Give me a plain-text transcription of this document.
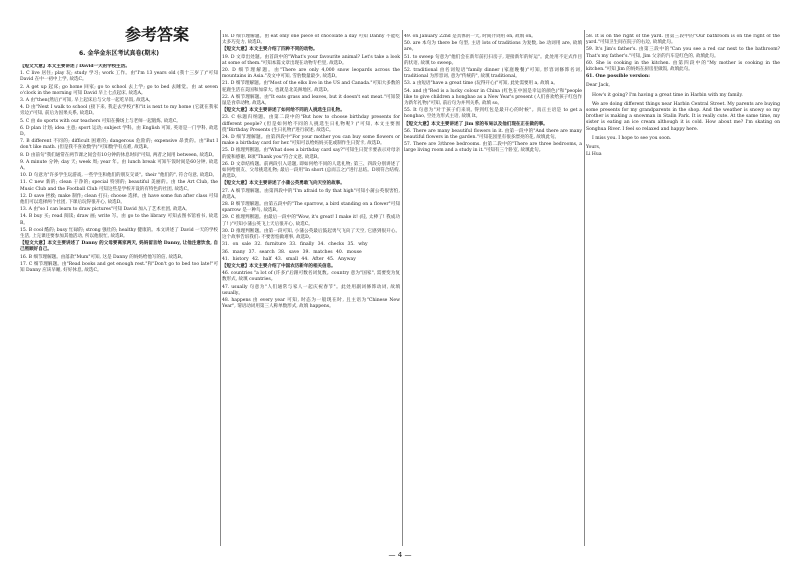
参考答案
6. 金华金东区考试真卷(期末)
【短文大意】本文主要讲述了David一天的学校生活。
1. C live 居住; play 玩; study 学习; work 工作。由"I'm 13 years old (我十三岁了)"可知David 在中一初中上学, 故选C。
2. A get up 起床; go home 回家; go to school 去上学; go to bed 去睡觉。由 at seven o'clock in the morning 可知 David 早上七点起床, 故选A。
3. A 由"then(然后)"可知, 早上起床后与父母一起吃早饭, 故选A。
4. D 由"Next I walk to school (接下来, 我走去学校)"和"it is next to my home (它就在我家旁边)"可知, 前后为因果关系, 故选D。
5. C 由 do sports with our teachers 可知在操场上与老师一起锻炼, 故选C。
6. D plan 计划; idea 主意; sport 运动; subject 学科。由 English 可知, 英语是一门学科, 故选D。
7. B different 不同的; difficult 困难的; dangerous 危险的; expensive 昂贵的。由"But I don't like math. (但是我不喜欢数学)"可知数学有点难, 故选B。
8. D 由前句"我们通常在两节课之间会有10分钟的休息时间"可知, 两者之间用 between, 故选D。
9. A minute 分钟; day 天; week 周; year 年。由 lunch break 可知午饭时间是60分钟, 故选A。
10. D 句意为"许多学生玩游戏, 一些学生和他们的朋友交谈"。their "他们的", 符合句意, 故选D。
11. C new 新的; clean 干净的; special 特别的; beautiful 美丽的。由 the Art Club, the Music Club and the Football Club 可知这些是学校开设的有特色的社团, 故选C。
12. D save 拯救; make 制作; clean 打扫; choose 选择。由 have some fun after class 可知他们可以选择两个社团, 下课后玩得很开心, 故选D。
13. A 由"so I can learn to draw pictures"可知 David 加入了艺术社团, 故选A。
14. B buy 买; read 阅读; draw 画; write 写。由 go to the library 可知去图书馆看书, 故选B。
15. B cool 酷的; busy 忙碌的; strong 强壮的; healthy 健康的。本文讲述了 David 一天的学校生活, 上完课还要参加其他活动, 所以他很忙, 故选B。
【短文大意】本文主要讲述了 Danny 的父母要离家两天, 妈妈留言给 Danny, 让他注意饮食, 自己照顾好自己。
16. B 细节理解题。由落款"Mum"可知, 这是 Danny 的妈妈给他写的信, 故选B。
17. C 细节理解题。由"Read books and get enough rest."和"Don't go to bed too late!"可知 Danny 应该早睡, 好好休息, 故选C。
18. D 细节理解题。由 eat only one piece of chocolate a day 可知 Danny 不能吃太多巧克力, 故选D。
【短文大意】本文主要介绍了四种不同的动物。
19. D 文章出处题。由首段中的"What's your favourite animal? Let's take a look at some of them."可知本篇文章出现在动物专栏里, 故选D。
20. D 细节理解题。由"There are only 4,000 snow leopards across the mountains in Asia."及文中可知, 雪豹数量最少, 故选D。
21. D 细节理解题。由"Most of the elks live in the US and Canada."可知大多数的驼鹿生活在美国和加拿大, 也就是北美洲地区, 故选D。
22. A 细节理解题。由"It eats grass and leaves, but it doesn't eat meat."可知袋鼠是食草动物, 故选A。
【短文大意】本文主要讲述了如何给不同的人挑选生日礼物。
23. C 标题归纳题。由第二段中的"But how to choose birthday presents for different people? (但是如何给不同的人挑选生日礼物呢? )"可知, 本文主要围绕"Birthday Presents (生日礼物)"进行叙述, 故选C。
24. D 细节理解题。由第四段中"For your mother you can buy some flowers or make a birthday card for her."可知可以给妈妈买花或制作生日贺卡, 故选D。
25. D 推理判断题。由"What does a birthday card say?"可知生日贺卡要表示对母亲的爱和感谢, B项"Thank you"符合文意, 故选B。
26. D 文章结构题。前两段引入话题, 即如何给不同的人选礼物; 第三、四段分别讲述了如何给朋友、父母挑选礼物; 最后一段用"In short (总而言之)"进行总结。D项符合结构, 故选D。
【短文大意】本文主要讲述了小蒲公英勇敢飞向天空的故事。
27. A 细节理解题。由第四段中的"I'm afraid to fly that high"可知小蒲公英很害怕, 故选A。
28. B 细节理解题。由第五段中的"The sparrow, a bird standing on a flower"可知 sparrow 是一种鸟, 故选B。
29. C 推理判断题。由最后一段中的"Wow, it's great! I make it! (哇, 太棒了! 我成功了! )"可知小蒲公英飞上天后很开心, 故选C。
30. D 推理判断题。由第一段可知, 小蒲公英最后鼓起勇气飞向了天空, 它感到很开心。这个故事告诉我们: 不要害怕做难事, 故选D。
31. on sale 32. furniture 33. finally 34. checks 35. why
36. many 37. search 38. save 39. matches 40. mouse
41. history 42. half 43. small 44. After 45. Anyway
【短文大意】本文主要介绍了中国农历新年的相关信息。
46. countries "a lot of (许多)"后跟可数名词复数。country 意为"国家", 需要变为复数形式, 故填 countries。
47. usually 句意为"人们通常与家人一起庆祝春节"。此处用副词修饰动词, 故填 usually。
48. happens 由 every year 可知, 时态为一般现在时, 且主语为"Chinese New Year", 谓语动词用第三人称单数形式, 故填 happens。
49. on January 22nd 是具体的一天, 时间介词用 on, 故填 on。
50. are 本句为 there be 句型, 主语 lots of traditions 为复数, be 动词用 are, 故填 are。
51. to sweep 句意为"他们会在新年前打扫房子, 迎接新年的好运"。此处用不定式作目的状语, 故填 to sweep。
52. traditional 由名词短语"family dinner (家庭晚餐)"可知, 形容词修饰名词, traditional 为形容词, 意为"传统的", 故填 traditional。
53. a 由短语"have a great time (玩得开心)"可知, 此处需要用 a, 故填 a。
54. and 由"Red is a lucky colour in China (红色在中国是幸运的颜色)"和"people like to give children a hongbao as a New Year's present (人们喜欢给孩子红包作为新年礼物)"可知, 前后句为并列关系, 故填 so。
55. It 句意为"对于孩子们来说, 得到红包是最开心的时候"。真正主语是 to get a hongbao, 空处为形式主语, 故填 It。
【短文大意】本文主要讲述了 Jim 家的布局以及他们现在正在做的事。
56. There are many beautiful flowers in it. 由第一段中的"And there are many beautiful flowers in the garden."可知花园里有很多漂亮的花, 故填此句。
57. There are 3/three bedrooms. 由第二段中的"There are three bedrooms, a large living room and a study in it."可知有三个卧室, 故填此句。
58. It is on the right of the yard. 由第三段中的"Our bathroom is on the right of the yard."可知卫生间在院子的右边, 故填此句。
59. It's Jim's father's. 由第三段中的"Can you see a red car next to the bathroom? That's my father's."可知, Jim 父亲的汽车是红色的, 故填此句。
60. She is cooking in the kitchen. 由第四段中的"My mother is cooking in the kitchen."可知 Jim 的妈妈在厨房里做饭, 故填此句。
61. One possible version:
Dear Jack,
How's it going? I'm having a great time in Harbin with my family.
We are doing different things near Harbin Central Street. My parents are buying some presents for my grandparents in the shop. And the weather is snowy so my brother is making a snowman in Stalin Park. It is really cute. At the same time, my sister is eating an ice cream although it is cold. How about me? I'm skating on Songhua River. I feel so relaxed and happy here.
I miss you. I hope to see you soon.
Yours,
Li Hua
— 4 —
